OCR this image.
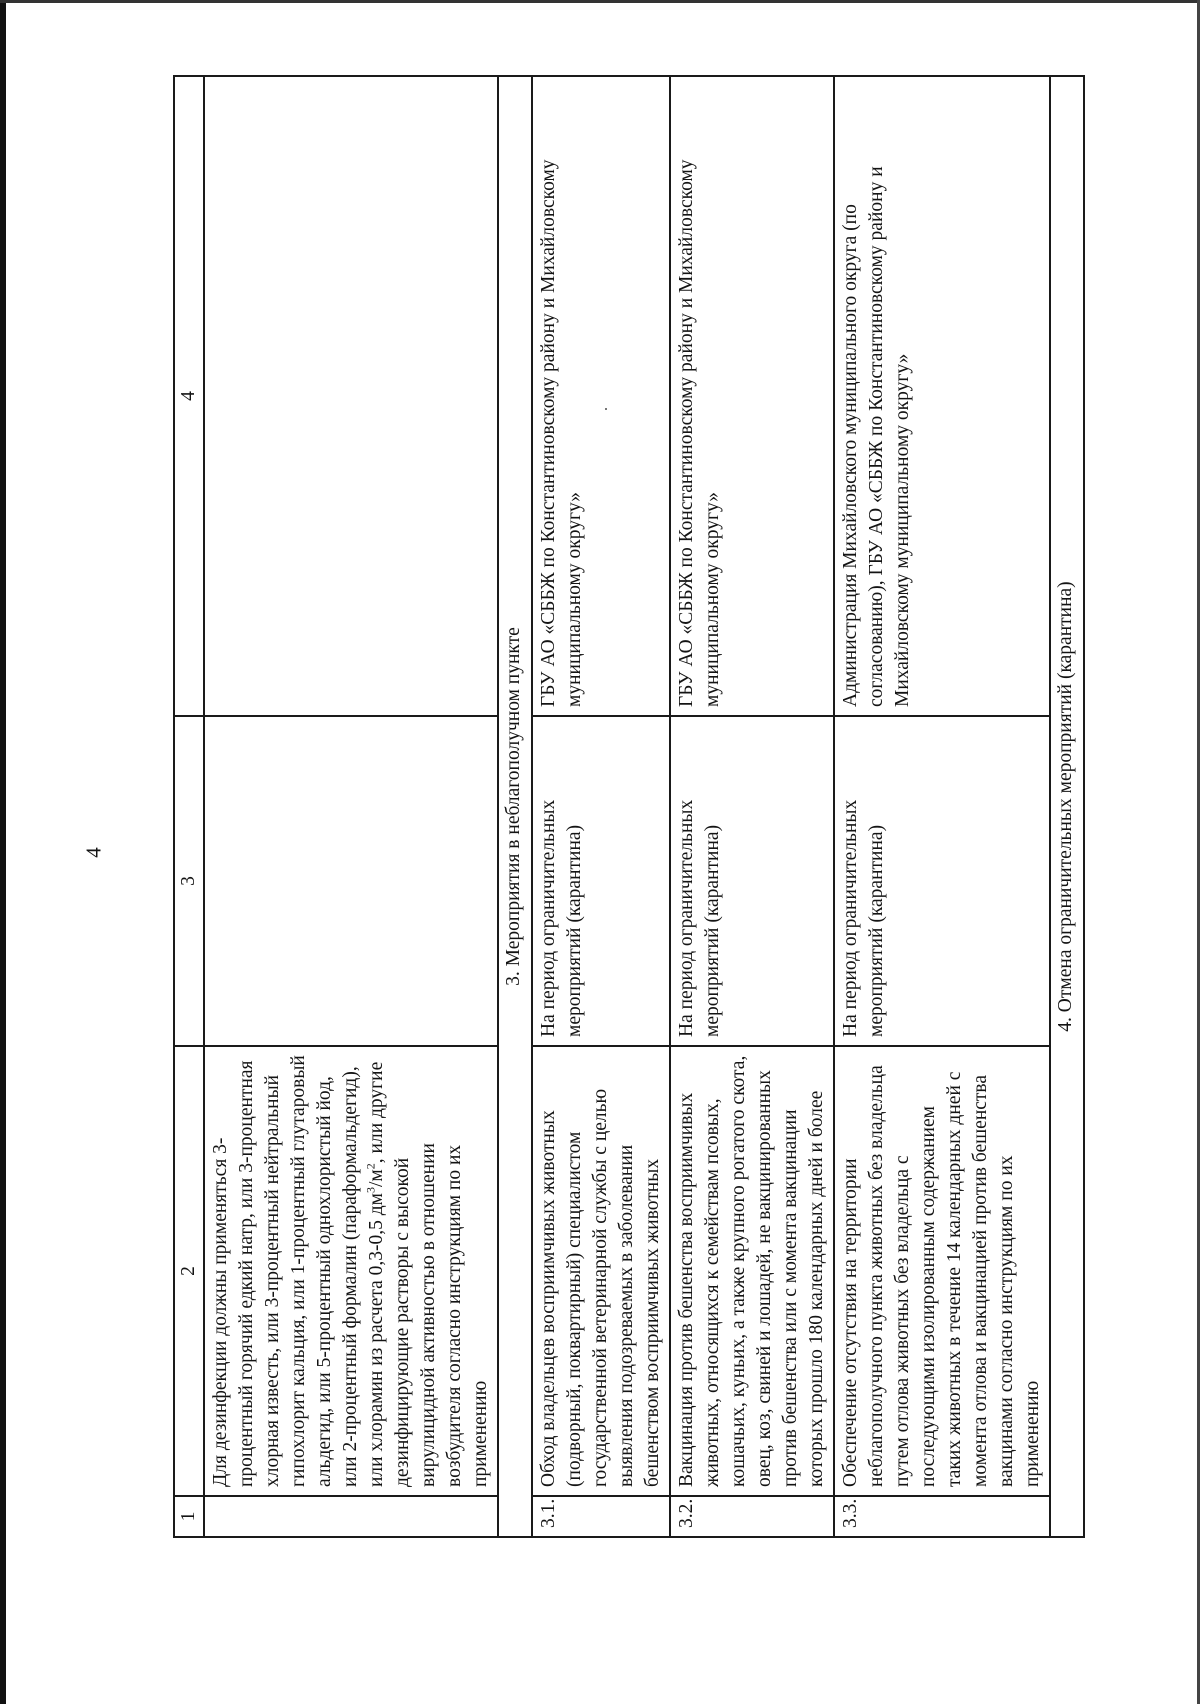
4
1	2	3	4
	Для дезинфекции должны применяться 3-процентный горячий едкий натр, или 3-процентная хлорная известь, или 3-процентный нейтральный гипохлорит кальция, или 1-процентный глутаровый альдегид, или 5-процентный однохлористый йод, или 2-процентный формалин (параформальдегид), или хлорамин из расчета 0,3-0,5 $дм^3/м^2$, или другие дезинфицирующие растворы с высокой вирулицидной активностью в отношении возбудителя согласно инструкциям по их применению		
3. Мероприятия в неблагополучном пункте			
3.1.	Обход владельцев восприимчивых животных (подворный, поквартирный) специалистом государственной ветеринарной службы с целью выявления подозреваемых в заболевании бешенством восприимчивых животных	На период ограничительных мероприятий (карантина)	ГБУ АО «СББЖ по Константиновскому району и Михайловскому муниципальному округу»
3.2.	Вакцинация против бешенства восприимчивых животных, относящихся к семействам псовых, кошачьих, куньих, а также крупного рогатого скота, овец, коз, свиней и лошадей, не вакцинированных против бешенства или с момента вакцинации которых прошло 180 календарных дней и более	На период ограничительных мероприятий (карантина)	ГБУ АО «СББЖ по Константиновскому району и Михайловскому муниципальному округу»
3.3.	Обеспечение отсутствия на территории неблагополучного пункта животных без владельца путем отлова животных без владельца с последующими изолированным содержанием таких животных в течение 14 календарных дней с момента отлова и вакцинацией против бешенства вакцинами согласно инструкциям по их применению	На период ограничительных мероприятий (карантина)	Администрация Михайловского муниципального округа (по согласованию), ГБУ АО «СББЖ по Константиновскому району и Михайловскому муниципальному округу»
4. Отмена ограничительных мероприятий (карантина)			
